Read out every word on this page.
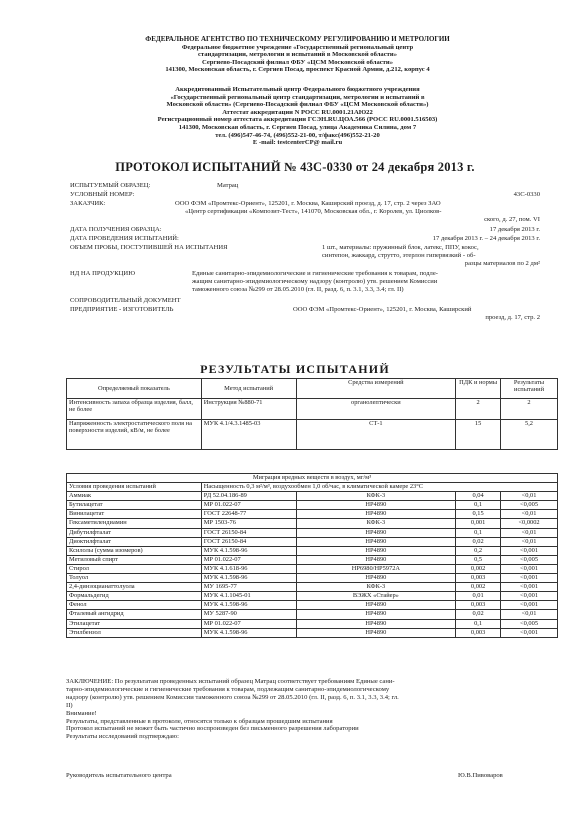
ФЕДЕРАЛЬНОЕ АГЕНТСТВО ПО ТЕХНИЧЕСКОМУ РЕГУЛИРОВАНИЮ И МЕТРОЛОГИИ
Федеральное бюджетное учреждение «Государственный региональный центр
стандартизации, метрологии и испытаний в Московской области»
Сергиево-Посадский филиал ФБУ «ЦСМ Московской области»
141300, Московская область, г. Сергиев Посад, проспект Красной Армии, д.212, корпус 4
Аккредитованный Испытательный центр Федерального бюджетного учреждения
«Государственный региональный центр стандартизации, метрологии и испытаний в
Московской области» (Сергиево-Посадский филиал ФБУ «ЦСМ Московской области»)
Аттестат аккредитации N РОСС RU.0001.21АЮ22
Регистрационный номер аттестата аккредитации ГСЭН.RU.ЦОА.566 (РОСС RU.0001.516503)
141300, Московская область, г. Сергиев Посад, улица Академика Силина, дом 7
тел. (496)547-46-74, (496)552-21-00, т/факс(496)552-21-20
E -mail: testcenterCP@ mail.ru
ПРОТОКОЛ ИСПЫТАНИЙ № 43С-0330 от 24 декабря 2013 г.
ИСПЫТУЕМЫЙ ОБРАЗЕЦ:	Матрац
УСЛОВНЫЙ НОМЕР:	43С-0330
ЗАКАЗЧИК:	ООО ФЭМ «Промтекс-Ориент», 125201, г. Москва, Каширский проезд, д. 17, стр. 2 через ЗАО
«Центр сертификации «Композит-Тест», 141070, Московская обл., г. Королев, ул. Циолков-
ского, д. 27, пом. VI
ДАТА ПОЛУЧЕНИЯ ОБРАЗЦА:	17 декабря 2013 г.
ДАТА ПРОВЕДЕНИЯ ИСПЫТАНИЙ:	17 декабря 2013 г. – 24 декабря 2013 г.
ОБЪЕМ ПРОБЫ, ПОСТУПИВШЕЙ НА ИСПЫТАНИЯ	1 шт., материалы: пружинный блок, латекс, ППУ, кокос,
синтепон, жаккард, струтто, этерлон гипервязкий - об-
разцы материалов по 2 дм²
НД НА ПРОДУКЦИЮ	Единые санитарно-эпидемиологические и гигиенические требования к товарам, подле-
жащим санитарно-эпидемиологическому надзору (контролю) утв. решением Комиссии
таможенного союза №299 от 28.05.2010 (гл. II, разд. 6, п. 3.1, 3.3, 3.4; гл. II)
СОПРОВОДИТЕЛЬНЫЙ ДОКУМЕНТ
ПРЕДПРИЯТИЕ - ИЗГОТОВИТЕЛЬ	ООО ФЭМ «Промтекс-Ориент», 125201, г. Москва, Каширский
проезд, д. 17, стр. 2
РЕЗУЛЬТАТЫ ИСПЫТАНИЙ
Определяемый показатель	Метод испытаний	Средства измерений	ПДК и нормы	Результаты испытаний
Интенсивность запаха образца изделия, балл, не более	Инструкция №880-71	органолептически	2	2
Напряженность электростатического поля на поверхности изделий, кВ/м, не более	МУК 4.1/4.3.1485-03	СТ-1	15	5,2
Миграция вредных веществ в воздух, мг/м³				
Условия проведения испытаний	Насыщенность 0,3 м²/м³, воздухообмен 1,0 об/час, в климатической камере 23°С			
Аммиак	РД 52.04.186-89	КФК-3	0,04	<0,01
Бутилацетат	МР 01.022-07	HP4890	0,1	<0,005
Винилацетат	ГОСТ 22648-77	HP4890	0,15	<0,01
Гексаметилендиамин	МР 1503-76	КФК-3	0,001	<0,0002
Дибутилфталат	ГОСТ 26150-84	HP4890	0,1	<0,01
Диоктилфталат	ГОСТ 26150-84	HP4890	0,02	<0,01
Ксилолы (сумма изомеров)	МУК 4.1.598-96	HP4890	0,2	<0,001
Метиловый спирт	МР 01.022-07	HP4890	0,5	<0,005
Стирол	МУК 4.1.618-96	HP6980/HP5972А	0,002	<0,001
Толуол	МУК 4.1.598-96	HP4890	0,003	<0,001
2,4-динзоцианаттолуола	МУ 1695-77	КФК-3	0,002	<0,001
Формальдегид	МУК 4.1.1045-01	ВЭЖХ «Стайер»	0,01	<0,001
Фенол	МУК 4.1.598-96	HP4890	0,003	<0,001
Фталевый ангидрид	МУ 5287-90	HP4890	0,02	<0,01
Этилацетат	МР 01.022-07	HP4890	0,1	<0,005
Этилбензол	МУК 4.1.598-96	HP4890	0,003	<0,001
ЗАКЛЮЧЕНИЕ: По результатам проведенных испытаний образец Матрац соответствует требованиям Единые сани-
тарно-эпидемиологические и гигиенические требования к товарам, подлежащим санитарно-эпидемиологическому
надзору (контролю) утв. решением Комиссии таможенного союза №299 от 28.05.2010 (гл. II, разд. 6, п. 3.1, 3.3, 3.4; гл.
II)
Внимание!
Результаты, представленные в протоколе, относятся только к образцам прошедшим испытания
Протокол испытаний не может быть частично воспроизведен без письменного разрешения лаборатории
Результаты исследований подтверждаю:
Руководитель испытательного центра	Ю.В.Пивоваров
